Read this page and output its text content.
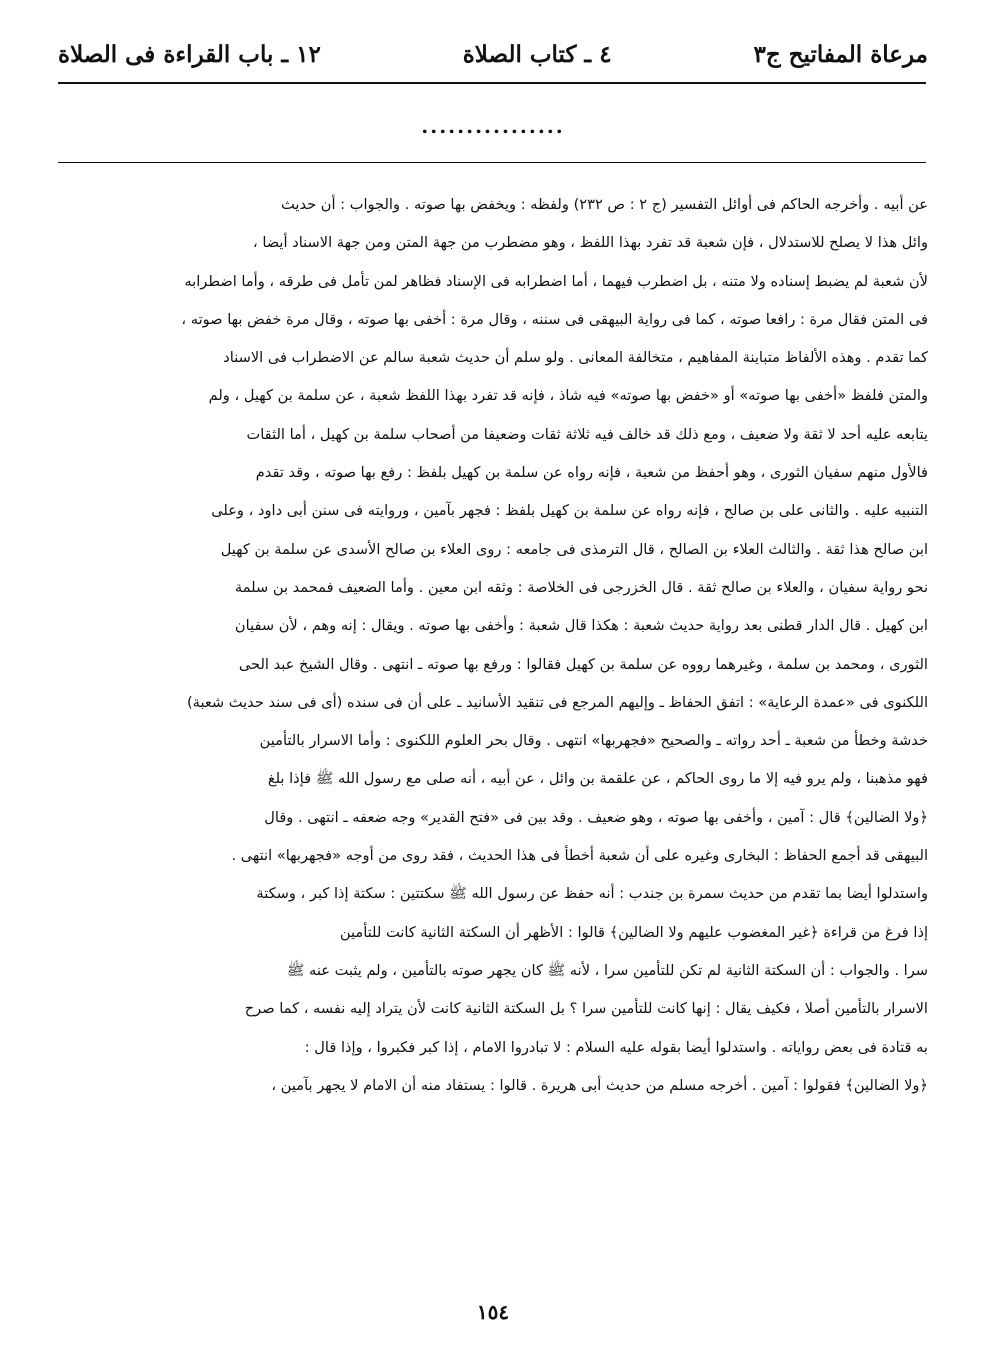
مرعاة المفاتيح ج٣
٤ ـ كتاب الصلاة
١٢ ـ باب القراءة فى الصلاة
................
عن أبيه . وأخرجه الحاكم فى أوائل التفسير (ج ٢ : ص ٢٣٢) ولفظه : ويخفض بها صوته . والجواب : أن حديث
وائل هذا لا يصلح للاستدلال ، فإن شعبة قد تفرد بهذا اللفظ ، وهو مضطرب من جهة المتن ومن جهة الاسناد أيضا ،
لأن شعبة لم يضبط إسناده ولا متنه ، بل اضطرب فيهما ، أما اضطرابه فى الإسناد فظاهر لمن تأمل فى طرقه ، وأما اضطرابه
فى المتن فقال مرة : رافعا صوته ، كما فى رواية البيهقى فى سننه ، وقال مرة : أخفى بها صوته ، وقال مرة خفض بها صوته ،
كما تقدم . وهذه الألفاظ متباينة المفاهيم ، متخالفة المعانى . ولو سلم أن حديث شعبة سالم عن الاضطراب فى الاسناد
والمتن فلفظ «أخفى بها صوته» أو «خفض بها صوته» فيه شاذ ، فإنه قد تفرد بهذا اللفظ شعبة ، عن سلمة بن كهيل ، ولم
يتابعه عليه أحد لا ثقة ولا ضعيف ، ومع ذلك قد خالف فيه ثلاثة ثقات وضعيفا من أصحاب سلمة بن كهيل ، أما الثقات
فالأول منهم سفيان الثورى ، وهو أحفظ من شعبة ، فإنه رواه عن سلمة بن كهيل بلفظ : رفع بها صوته ، وقد تقدم
التنبيه عليه . والثانى على بن صالح ، فإنه رواه عن سلمة بن كهيل بلفظ : فجهر بآمين ، وروايته فى سنن أبى داود ، وعلى
ابن صالح هذا ثقة . والثالث العلاء بن الصالح ، قال الترمذى فى جامعه : روى العلاء بن صالح الأسدى عن سلمة بن كهيل
نحو رواية سفيان ، والعلاء بن صالح ثقة . قال الخزرجى فى الخلاصة : وثقه ابن معين . وأما الضعيف فمحمد بن سلمة
ابن كهيل . قال الدار قطنى بعد رواية حديث شعبة : هكذا قال شعبة : وأخفى بها صوته . ويقال : إنه وهم ، لأن سفيان
الثورى ، ومحمد بن سلمة ، وغيرهما رووه عن سلمة بن كهيل فقالوا : ورفع بها صوته ـ انتهى . وقال الشيخ عبد الحى
اللكنوى فى «عمدة الرعاية» : اتفق الحفاظ ـ وإليهم المرجع فى تنقيد الأسانيد ـ على أن فى سنده (أى فى سند حديث شعبة)
خدشة وخطأ من شعبة ـ أحد رواته ـ والصحيح «فجهربها» انتهى . وقال بحر العلوم اللكنوى : وأما الاسرار بالتأمين
فهو مذهبنا ، ولم يرو فيه إلا ما روى الحاكم ، عن علقمة بن وائل ، عن أبيه ، أنه صلى مع رسول الله ﷺ فإذا بلغ
﴿ولا الضالين﴾ قال : آمين ، وأخفى بها صوته ، وهو ضعيف . وقد بين فى «فتح القدير» وجه ضعفه ـ انتهى . وقال
البيهقى قد أجمع الحفاظ : البخارى وغيره على أن شعبة أخطأ فى هذا الحديث ، فقد روى من أوجه «فجهربها» انتهى .
واستدلوا أيضا بما تقدم من حديث سمرة بن جندب : أنه حفظ عن رسول الله ﷺ سكتتين : سكتة إذا كبر ، وسكتة
إذا فرغ من قراءة ﴿غير المغضوب عليهم ولا الضالين﴾ قالوا : الأظهر أن السكتة الثانية كانت للتأمين
سرا . والجواب : أن السكتة الثانية لم تكن للتأمين سرا ، لأنه ﷺ كان يجهر صوته بالتأمين ، ولم يثبت عنه ﷺ
الاسرار بالتأمين أصلا ، فكيف يقال : إنها كانت للتأمين سرا ؟ بل السكتة الثانية كانت لأن يتراد إليه نفسه ، كما صرح
به قتادة فى بعض رواياته . واستدلوا أيضا بقوله عليه السلام : لا تبادروا الامام ، إذا كبر فكبروا ، وإذا قال :
﴿ولا الضالين﴾ فقولوا : آمين . أخرجه مسلم من حديث أبى هريرة . قالوا : يستفاد منه أن الامام لا يجهر بآمين ،
١٥٤
